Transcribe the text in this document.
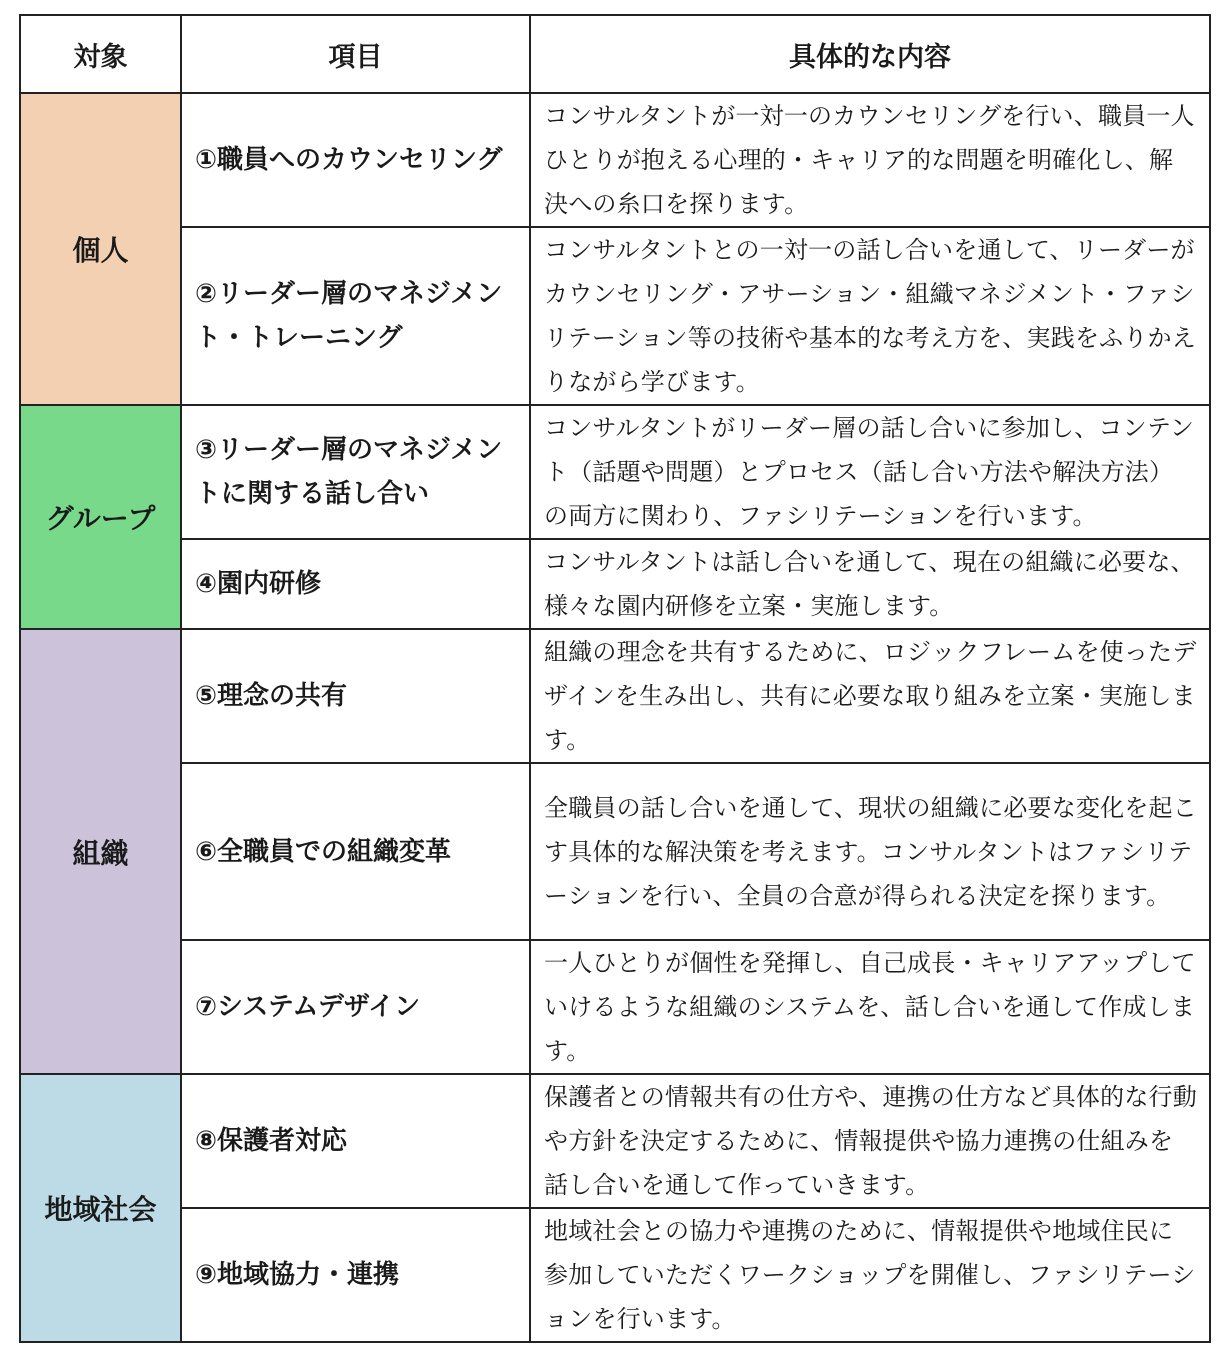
対象	項目	具体的な内容
個人	①職員へのカウンセリング	コンサルタントが一対一のカウンセリングを行い、職員一人ひとりが抱える心理的・キャリア的な問題を明確化し、解決への糸口を探ります。
	②リーダー層のマネジメント・トレーニング	コンサルタントとの一対一の話し合いを通して、リーダーがカウンセリング・アサーション・組織マネジメント・ファシリテーション等の技術や基本的な考え方を、実践をふりかえりながら学びます。
グループ	③リーダー層のマネジメントに関する話し合い	コンサルタントがリーダー層の話し合いに参加し、コンテント（話題や問題）とプロセス（話し合い方法や解決方法）の両方に関わり、ファシリテーションを行います。
	④園内研修	コンサルタントは話し合いを通して、現在の組織に必要な、様々な園内研修を立案・実施します。
組織	⑤理念の共有	組織の理念を共有するために、ロジックフレームを使ったデザインを生み出し、共有に必要な取り組みを立案・実施します。
	⑥全職員での組織変革	全職員の話し合いを通して、現状の組織に必要な変化を起こす具体的な解決策を考えます。コンサルタントはファシリテーションを行い、全員の合意が得られる決定を探ります。
	⑦システムデザイン	一人ひとりが個性を発揮し、自己成長・キャリアアップしていけるような組織のシステムを、話し合いを通して作成します。
地域社会	⑧保護者対応	保護者との情報共有の仕方や、連携の仕方など具体的な行動や方針を決定するために、情報提供や協力連携の仕組みを話し合いを通して作っていきます。
	⑨地域協力・連携	地域社会との協力や連携のために、情報提供や地域住民に参加していただくワークショップを開催し、ファシリテーションを行います。
